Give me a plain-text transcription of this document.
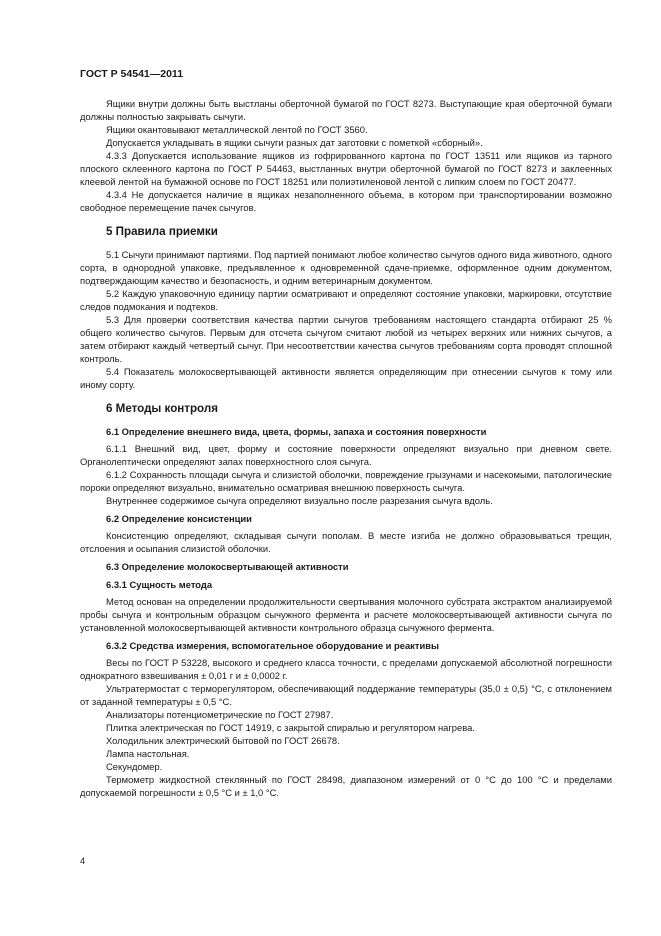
ГОСТ Р 54541—2011

Ящики внутри должны быть выстланы оберточной бумагой по ГОСТ 8273. Выступающие края оберточной бумаги должны полностью закрывать сычуги.

Ящики окантовывают металлической лентой по ГОСТ 3560.

Допускается укладывать в ящики сычуги разных дат заготовки с пометкой «сборный».

4.3.3 Допускается использование ящиков из гофрированного картона по ГОСТ 13511 или ящиков из тарного плоского склеенного картона по ГОСТ Р 54463, выстланных внутри оберточной бумагой по ГОСТ 8273 и заклеенных клеевой лентой на бумажной основе по ГОСТ 18251 или полиэтиленовой лентой с липким слоем по ГОСТ 20477.

4.3.4 Не допускается наличие в ящиках незаполненного объема, в котором при транспортировании возможно свободное перемещение пачек сычугов.

5 Правила приемки

5.1 Сычуги принимают партиями. Под партией понимают любое количество сычугов одного вида животного, одного сорта, в однородной упаковке, предъявленное к одновременной сдаче-приемке, оформленное одним документом, подтверждающим качество и безопасность, и одним ветеринарным документом.

5.2 Каждую упаковочную единицу партии осматривают и определяют состояние упаковки, маркировки, отсутствие следов подмокания и подтеков.

5.3 Для проверки соответствия качества партии сычугов требованиям настоящего стандарта отбирают 25 % общего количество сычугов. Первым для отсчета сычугом считают любой из четырех верхних или нижних сычугов, а затем отбирают каждый четвертый сычуг. При несоответствии качества сычугов требованиям сорта проводят сплошной контроль.

5.4 Показатель молокосвертывающей активности является определяющим при отнесении сычугов к тому или иному сорту.

6 Методы контроля
6.1 Определение внешнего вида, цвета, формы, запаха и состояния поверхности

6.1.1 Внешний вид, цвет, форму и состояние поверхности определяют визуально при дневном свете. Органолептически определяют запах поверхностного слоя сычуга.

6.1.2 Сохранность площади сычуга и слизистой оболочки, повреждение грызунами и насекомыми, патологические пороки определяют визуально, внимательно осматривая внешнюю поверхность сычуга.

Внутреннее содержимое сычуга определяют визуально после разрезания сычуга вдоль.

6.2 Определение консистенции

Консистенцию определяют, складывая сычуги пополам. В месте изгиба не должно образовываться трещин, отслоения и осыпания слизистой оболочки.

6.3 Определение молокосвертывающей активности
6.3.1 Сущность метода

Метод основан на определении продолжительности свертывания молочного субстрата экстрактом анализируемой пробы сычуга и контрольным образцом сычужного фермента и расчете молокосвертывающей активности сычуга по установленной молокосвертывающей активности контрольного образца сычужного фермента.

6.3.2 Средства измерения, вспомогательное оборудование и реактивы

Весы по ГОСТ Р 53228, высокого и среднего класса точности, с пределами допускаемой абсолютной погрешности однократного взвешивания ± 0,01 г и ± 0,0002 г.

Ультратермостат с терморегулятором, обеспечивающий поддержание температуры (35,0 ± 0,5) °С, с отклонением от заданной температуры ± 0,5 °С.

Анализаторы потенциометрические по ГОСТ 27987.

Плитка электрическая по ГОСТ 14919, с закрытой спиралью и регулятором нагрева.

Холодильник электрический бытовой по ГОСТ 26678.

Лампа настольная.

Секундомер.

Термометр жидкостной стеклянный по ГОСТ 28498, диапазоном измерений от 0 °С до 100 °С и пределами допускаемой погрешности ± 0,5 °С и ± 1,0 °С.

4
